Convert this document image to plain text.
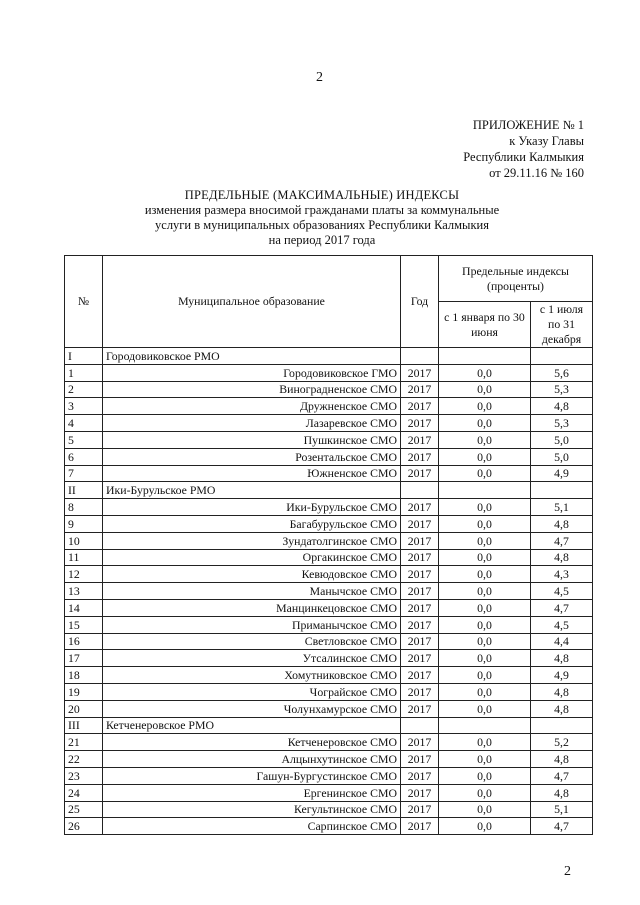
2
ПРИЛОЖЕНИЕ № 1
к Указу Главы
Республики Калмыкия
от 29.11.16 № 160
ПРЕДЕЛЬНЫЕ (МАКСИМАЛЬНЫЕ) ИНДЕКСЫ
изменения размера вносимой гражданами платы за коммунальные
услуги в муниципальных образованиях Республики Калмыкия
на период 2017 года
№	Муниципальное образование	Год	Предельные индексы (проценты)	
			с 1 января по 30 июня	с 1 июля по 31 декабря
I	Городовиковское РМО			
1	Городовиковское ГМО	2017	0,0	5,6
2	Виноградненское СМО	2017	0,0	5,3
3	Дружненское СМО	2017	0,0	4,8
4	Лазаревское СМО	2017	0,0	5,3
5	Пушкинское СМО	2017	0,0	5,0
6	Розентальское СМО	2017	0,0	5,0
7	Южненское СМО	2017	0,0	4,9
II	Ики-Бурульское РМО			
8	Ики-Бурульское СМО	2017	0,0	5,1
9	Багабурульское СМО	2017	0,0	4,8
10	Зундатолгинское СМО	2017	0,0	4,7
11	Оргакинское СМО	2017	0,0	4,8
12	Кевюдовское СМО	2017	0,0	4,3
13	Манычское СМО	2017	0,0	4,5
14	Манцинкецовское СМО	2017	0,0	4,7
15	Приманычское СМО	2017	0,0	4,5
16	Светловское СМО	2017	0,0	4,4
17	Утсалинское СМО	2017	0,0	4,8
18	Хомутниковское СМО	2017	0,0	4,9
19	Чограйское СМО	2017	0,0	4,8
20	Чолунхамурское СМО	2017	0,0	4,8
III	Кетченеровское РМО			
21	Кетченеровское СМО	2017	0,0	5,2
22	Алцынхутинское СМО	2017	0,0	4,8
23	Гашун-Бургустинское СМО	2017	0,0	4,7
24	Ергенинское СМО	2017	0,0	4,8
25	Кегультинское СМО	2017	0,0	5,1
26	Сарпинское СМО	2017	0,0	4,7
2
